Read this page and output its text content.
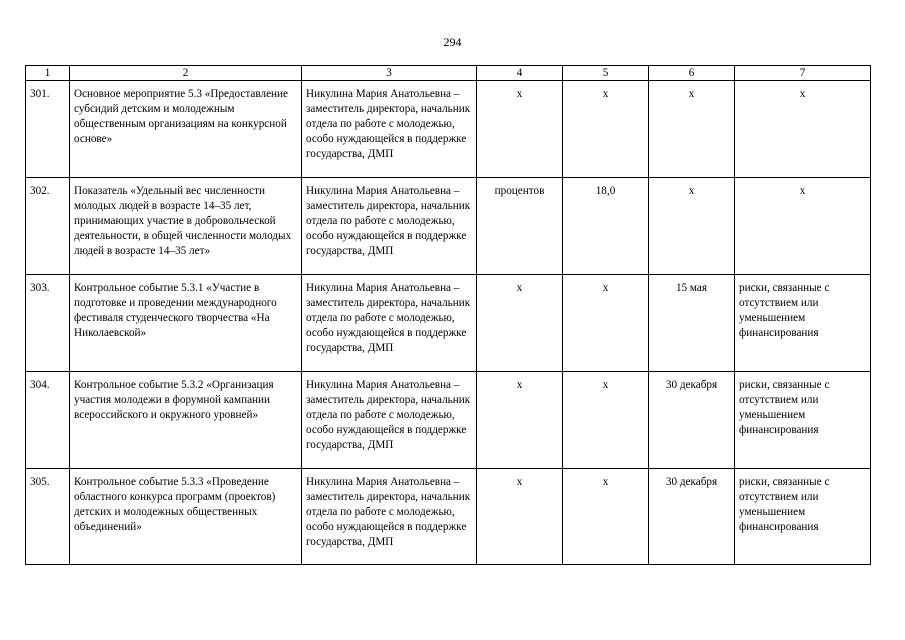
294
1	2	3	4	5	6	7
301.	Основное мероприятие 5.3 «Предоставление субсидий детским и молодежным общественным организациям на конкурсной основе»	Никулина Мария Анатольевна – заместитель директора, начальник отдела по работе с молодежью, особо нуждающейся в поддержке государства, ДМП	х	х	х	х
302.	Показатель «Удельный вес численности молодых людей в возрасте 14–35 лет, принимающих участие в добровольческой деятельности, в общей численности молодых людей в возрасте 14–35 лет»	Никулина Мария Анатольевна – заместитель директора, начальник отдела по работе с молодежью, особо нуждающейся в поддержке государства, ДМП	процентов	18,0	х	х
303.	Контрольное событие 5.3.1 «Участие в подготовке и проведении международного фестиваля студенческого творчества «На Николаевской»	Никулина Мария Анатольевна – заместитель директора, начальник отдела по работе с молодежью, особо нуждающейся в поддержке государства, ДМП	х	х	15 мая	риски, связанные с отсутствием или уменьшением финансирования
304.	Контрольное событие 5.3.2 «Организация участия молодежи в форумной кампании всероссийского и окружного уровней»	Никулина Мария Анатольевна – заместитель директора, начальник отдела по работе с молодежью, особо нуждающейся в поддержке государства, ДМП	х	х	30 декабря	риски, связанные с отсутствием или уменьшением финансирования
305.	Контрольное событие 5.3.3 «Проведение областного конкурса программ (проектов) детских и молодежных общественных объединений»	Никулина Мария Анатольевна – заместитель директора, начальник отдела по работе с молодежью, особо нуждающейся в поддержке государства, ДМП	х	х	30 декабря	риски, связанные с отсутствием или уменьшением финансирования
